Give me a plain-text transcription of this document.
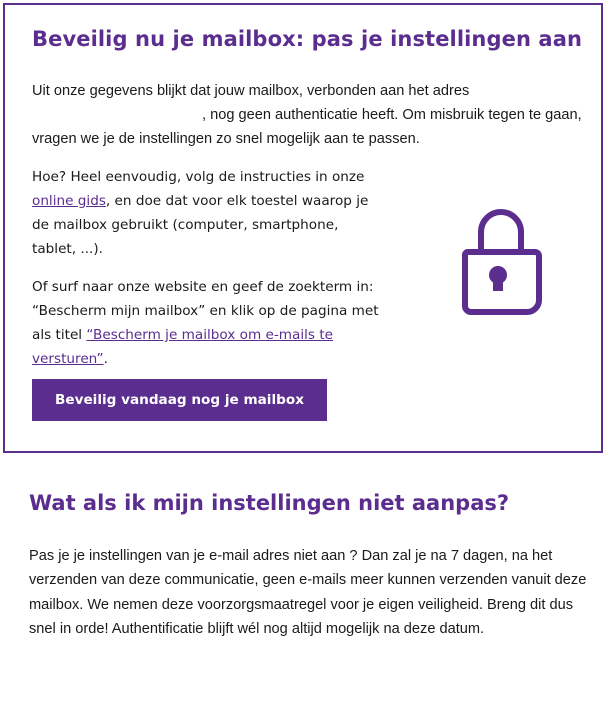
Beveilig nu je mailbox: pas je instellingen aan

Uit onze gegevens blijkt dat jouw mailbox, verbonden aan het adres , nog geen authenticatie heeft. Om misbruik tegen te gaan, vragen we je de instellingen zo snel mogelijk aan te passen.

Hoe? Heel eenvoudig, volg de instructies in onze online gids, en doe dat voor elk toestel waarop je de mailbox gebruikt (computer, smartphone, tablet, ...).

Of surf naar onze website en geef de zoekterm in: “Bescherm mijn mailbox” en klik op de pagina met als titel “Bescherm je mailbox om e-mails te versturen”.

Beveilig vandaag nog je mailbox
Wat als ik mijn instellingen niet aanpas?

Pas je je instellingen van je e-mail adres niet aan ? Dan zal je na 7 dagen, na het verzenden van deze communicatie, geen e-mails meer kunnen verzenden vanuit deze mailbox. We nemen deze voorzorgsmaatregel voor je eigen veiligheid. Breng dit dus snel in orde! Authentificatie blijft wél nog altijd mogelijk na deze datum.
